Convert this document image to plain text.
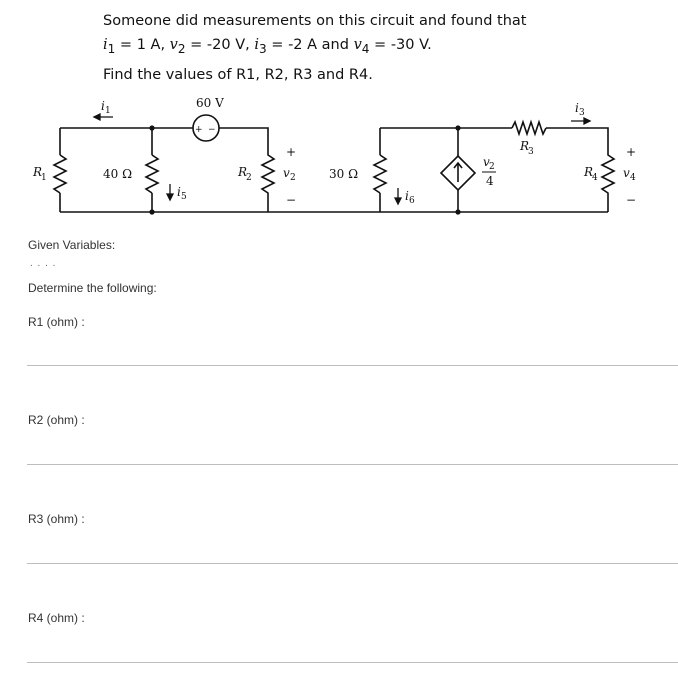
Someone did measurements on this circuit and found that
$i_1 = 1$ A, $v_2 = -20$ V, $i_3 = -2$ A and $v_4 = -30$ V.
Find the values of R1, R2, R3 and R4.
+ −
60 V
40 Ω	30 Ω
R
1	R
2
R
3
R
4
i 1	i 3
i 5	i 6
+
v 2
−
+
v 4
−
v 2
4
Given Variables:
. . . .
Determine the following:
R1 (ohm) :
R2 (ohm) :
R3 (ohm) :
R4 (ohm) :
